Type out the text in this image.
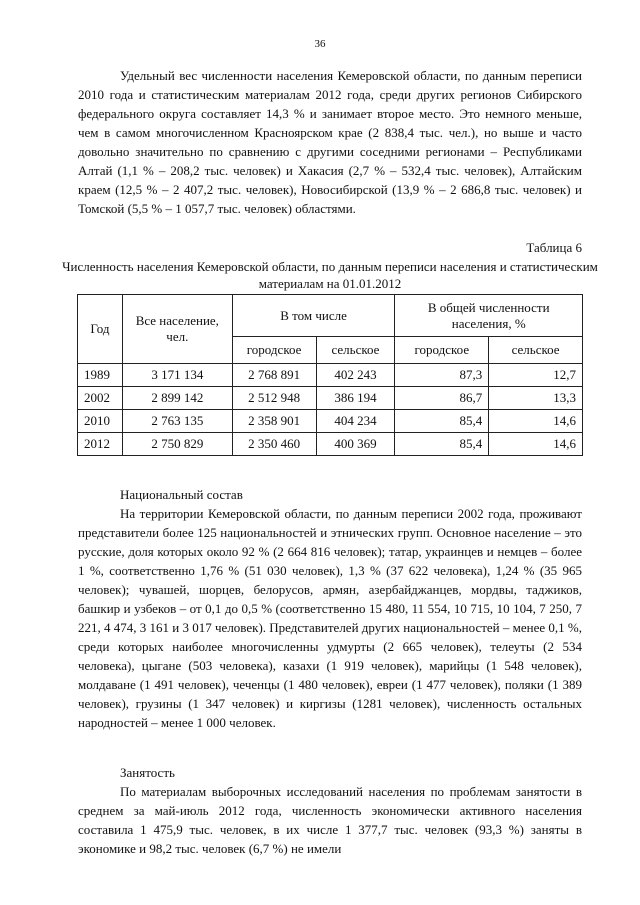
36

Удельный вес численности населения Кемеровской области, по данным переписи 2010 года и статистическим материалам 2012 года, среди других регионов Сибирского федерального округа составляет 14,3 % и занимает второе место. Это немного меньше, чем в самом многочисленном Красноярском крае (2 838,4 тыс. чел.), но выше и часто довольно значительно по сравнению с другими соседними регионами – Республиками Алтай (1,1 % – 208,2 тыс. человек) и Хакасия (2,7 % – 532,4 тыс. человек), Алтайским краем (12,5 % – 2 407,2 тыс. человек), Новосибирской (13,9 % – 2 686,8 тыс. человек) и Томской (5,5 % – 1 057,7 тыс. человек) областями.

Таблица 6
Численность населения Кемеровской области, по данным переписи населения и статистическим материалам на 01.01.2012
Год	Все население, чел.	В том числе		В общей численности населения, %	
		городское	сельское	городское	сельское
1989	3 171 134	2 768 891	402 243	87,3	12,7
2002	2 899 142	2 512 948	386 194	86,7	13,3
2010	2 763 135	2 358 901	404 234	85,4	14,6
2012	2 750 829	2 350 460	400 369	85,4	14,6

Национальный состав

На территории Кемеровской области, по данным переписи 2002 года, проживают представители более 125 национальностей и этнических групп. Основное население – это русские, доля которых около 92 % (2 664 816 человек); татар, украинцев и немцев – более 1 %, соответственно 1,76 % (51 030 человек), 1,3 % (37 622 человека), 1,24 % (35 965 человек); чувашей, шорцев, белорусов, армян, азербайджанцев, мордвы, таджиков, башкир и узбеков – от 0,1 до 0,5 % (соответственно 15 480, 11 554, 10 715, 10 104, 7 250, 7 221, 4 474, 3 161 и 3 017 человек). Представителей других национальностей – менее 0,1 %, среди которых наиболее многочисленны удмурты (2 665 человек), телеуты (2 534 человека), цыгане (503 человека), казахи (1 919 человек), марийцы (1 548 человек), молдаване (1 491 человек), чеченцы (1 480 человек), евреи (1 477 человек), поляки (1 389 человек), грузины (1 347 человек) и киргизы (1281 человек), численность остальных народностей – менее 1 000 человек.

Занятость

По материалам выборочных исследований населения по проблемам занятости в среднем за май-июль 2012 года, численность экономически активного населения составила 1 475,9 тыс. человек, в их числе 1 377,7 тыс. человек (93,3 %) заняты в экономике и 98,2 тыс. человек (6,7 %) не имели
